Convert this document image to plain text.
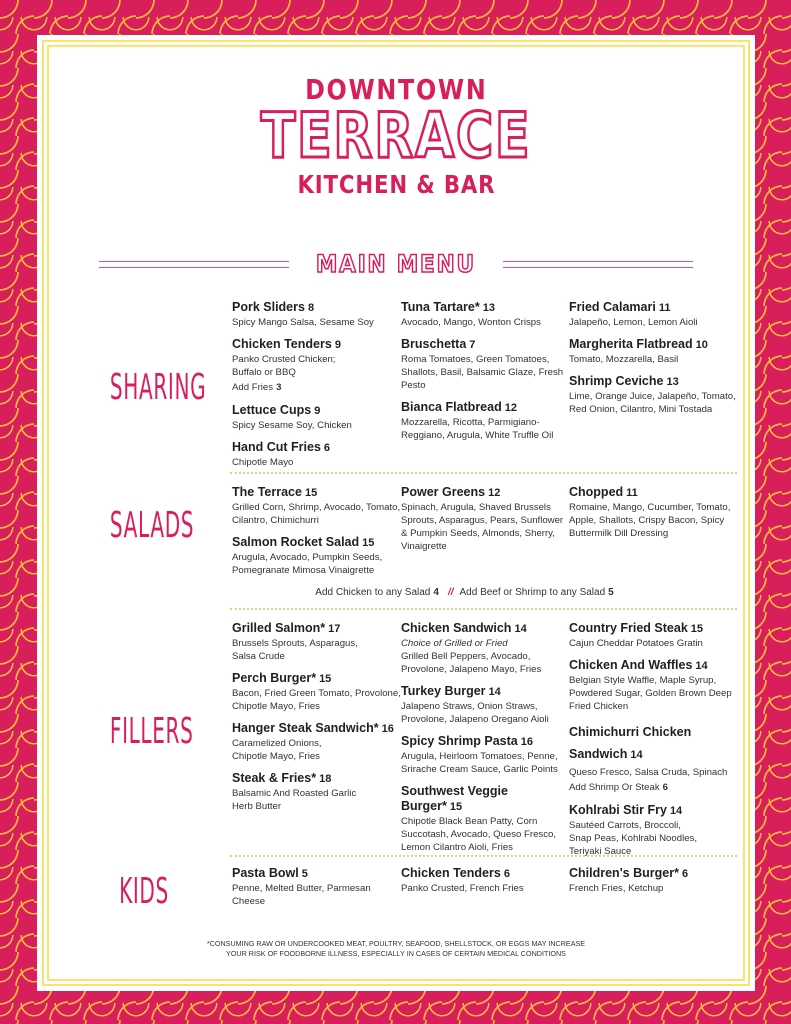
DOWNTOWN
TERRACE
KITCHEN & BAR
MAIN MENU
SHARING
Pork Sliders 8
Spicy Mango Salsa, Sesame Soy
Chicken Tenders 9
Panko Crusted Chicken; Buffalo or BBQ
Add Fries 3
Lettuce Cups 9
Spicy Sesame Soy, Chicken
Hand Cut Fries 6
Chipotle Mayo
Tuna Tartare* 13
Avocado, Mango, Wonton Crisps
Bruschetta 7
Roma Tomatoes, Green Tomatoes, Shallots, Basil, Balsamic Glaze, Fresh Pesto
Bianca Flatbread 12
Mozzarella, Ricotta, Parmigiano-Reggiano, Arugula, White Truffle Oil
Fried Calamari 11
Jalapeño, Lemon, Lemon Aioli
Margherita Flatbread 10
Tomato, Mozzarella, Basil
Shrimp Ceviche 13
Lime, Orange Juice, Jalapeño, Tomato, Red Onion, Cilantro, Mini Tostada
SALADS
The Terrace 15
Grilled Corn, Shrimp, Avocado, Tomato, Cilantro, Chimichurri
Salmon Rocket Salad 15
Arugula, Avocado, Pumpkin Seeds, Pomegranate Mimosa Vinaigrette
Power Greens 12
Spinach, Arugula, Shaved Brussels Sprouts, Asparagus, Pears, Sunflower & Pumpkin Seeds, Almonds, Sherry, Vinaigrette
Chopped 11
Romaine, Mango, Cucumber, Tomato, Apple, Shallots, Crispy Bacon, Spicy Buttermilk Dill Dressing
Add Chicken to any Salad 4 // Add Beef or Shrimp to any Salad 5
FILLERS
Grilled Salmon* 17
Brussels Sprouts, Asparagus, Salsa Crude
Perch Burger* 15
Bacon, Fried Green Tomato, Provolone, Chipotle Mayo, Fries
Hanger Steak Sandwich* 16
Caramelized Onions, Chipotle Mayo, Fries
Steak & Fries* 18
Balsamic And Roasted Garlic Herb Butter
Chicken Sandwich 14
Choice of Grilled or Fried
Grilled Bell Peppers, Avocado, Provolone, Jalapeno Mayo, Fries
Turkey Burger 14
Jalapeno Straws, Onion Straws, Provolone, Jalapeno Oregano Aioli
Spicy Shrimp Pasta 16
Arugula, Heirloom Tomatoes, Penne, Srirache Cream Sauce, Garlic Points
Southwest Veggie Burger* 15
Chipotle Black Bean Patty, Corn Succotash, Avocado, Queso Fresco, Lemon Cilantro Aioli, Fries
Country Fried Steak 15
Cajun Cheddar Potatoes Gratin
Chicken And Waffles 14
Belgian Style Waffle, Maple Syrup, Powdered Sugar, Golden Brown Deep Fried Chicken
Chimichurri Chicken Sandwich 14
Queso Fresco, Salsa Cruda, Spinach
Add Shrimp Or Steak 6
Kohlrabi Stir Fry 14
Sautéed Carrots, Broccoli, Snap Peas, Kohlrabi Noodles, Teriyaki Sauce
KIDS	Pasta Bowl 5
Penne, Melted Butter, Parmesan Cheese
Chicken Tenders 6
Panko Crusted, French Fries
Children's Burger* 6
French Fries, Ketchup
*CONSUMING RAW OR UNDERCOOKED MEAT, POULTRY, SEAFOOD, SHELLSTOCK, OR EGGS MAY INCREASE
YOUR RISK OF FOODBORNE ILLNESS, ESPECIALLY IN CASES OF CERTAIN MEDICAL CONDITIONS
